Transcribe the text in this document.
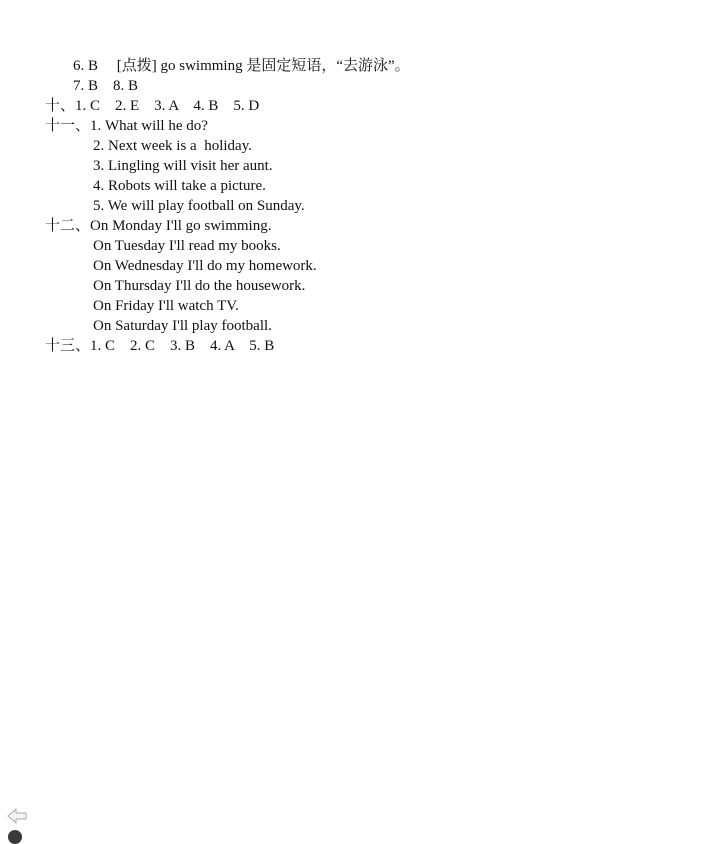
6. B     [点拨] go swimming 是固定短语，“去游泳”。
7. B    8. B
十、1. C    2. E    3. A    4. B    5. D
十一、1. What will he do?
2. Next week is a  holiday.
3. Lingling will visit her aunt.
4. Robots will take a picture.
5. We will play football on Sunday.
十二、On Monday I'll go swimming.
On Tuesday I'll read my books.
On Wednesday I'll do my homework.
On Thursday I'll do the housework.
On Friday I'll watch TV.
On Saturday I'll play football.
十三、1. C    2. C    3. B    4. A    5. B
